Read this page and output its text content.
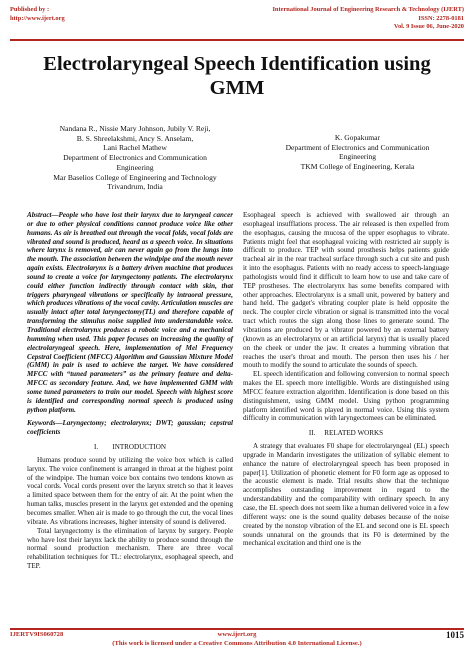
Published by :
http://www.ijert.org
International Journal of Engineering Research & Technology (IJERT)
ISSN: 2278-0181
Vol. 9 Issue 06, June-2020
Electrolaryngeal Speech Identification using
GMM
Nandana R., Nissie Mary Johnson, Jubily V. Reji,
B. S. Shreelakshmi, Ancy S. Anselam,
Lani Rachel Mathew
Department of Electronics and Communication
Engineering
Mar Baselios College of Engineering and Technology
Trivandrum, India
K. Gopakumar
Department of Electronics and Communication
Engineering
TKM College of Engineering, Kerala

Abstract—People who have lost their larynx due to laryngeal cancer or due to other physical conditions cannot produce voice like other humans. As air is breathed out through the vocal folds, vocal folds are vibrated and sound is produced, heard as a speech voice. In situations where larynx is removed, air can never again go from the lungs into the mouth. The association between the windpipe and the mouth never again exists. Electrolarynx is a battery driven machine that produces sound to create a voice for laryngectomy patients. The electrolarynx could either function indirectly through contact with skin, that triggers pharyngeal vibrations or specifically by intraoral pressure, which produces vibrations of the vocal cavity. Articulation muscles are usually intact after total laryngectomy(TL) and therefore capable of transforming the stimulus noise supplied into understandable voice. Traditional electrolarynx produces a robotic voice and a mechanical humming when used. This paper focuses on increasing the quality of electrolaryngeal speech. Here, implementation of Mel Frequency Cepstral Coefficient (MFCC) Algorithm and Gaussian Mixture Model (GMM) in pair is used to achieve the target. We have considered MFCC with “tuned parameters” as the primary feature and delta-MFCC as secondary feature. And, we have implemented GMM with some tuned parameters to train our model. Speech with highest score is identified and corresponding normal speech is produced using python platform.

Keywords—Laryngectomy; electrolarynx; DWT; gaussian; cepstral coefficients

I.        INTRODUCTION

Humans produce sound by utilizing the voice box which is called larynx. The voice confinement is arranged in throat at the highest point of the windpipe. The human voice box contains two tendons known as vocal cords. Vocal cords present over the larynx stretch so that it leaves a limited space between them for the entry of air. At the point when the human talks, muscles present in the larynx get extended and the opening becomes smaller. When air is made to go through the cut, the vocal lines vibrate. As vibrations increases, higher intensity of sound is delivered.

Total laryngectomy is the elimination of larynx by surgery. People who have lost their larynx lack the ability to produce sound through the normal sound production mechanism. There are three vocal rehabilitation techniques for TL: electrolarynx, esophageal speech, and TEP.

Esophageal speech is achieved with swallowed air through an esophageal insufflations process. The air released is then expelled from the esophagus, causing the mucosa of the upper esophagus to vibrate. Patients might feel that esophageal voicing with restricted air supply is difficult to produce. TEP with sound prosthesis helps patients guide tracheal air in the rear tracheal surface through such a cut site and push it into the esophagus. Patients with no ready access to speech-language pathologists would find it difficult to learn how to use and take care of TEP prostheses. The electrolarynx has some benefits compared with other approaches. Electrolarynx is a small unit, powered by battery and hand held. The gadget's vibrating coupler plate is held opposite the neck. The coupler circle vibration or signal is transmitted into the vocal tract which routes the sign along those lines to generate sound. The vibrations are produced by a vibrator powered by an external battery (known as an electrolarynx or an artificial larynx) that is usually placed on the cheek or under the jaw. It creates a humming vibration that reaches the user's throat and mouth. The person then uses his / her mouth to modify the sound to articulate the sounds of speech.

EL speech identification and following conversion to normal speech makes the EL speech more intelligible. Words are distinguished using MFCC feature extraction algorithm. Identification is done based on this distinguishment, using GMM model. Using python programming platform identified word is played in normal voice. Using this system difficulty in communication with laryngectomees can be eliminated.

II.     RELATED WORKS

A strategy that evaluates F0 shape for electrolaryngeal (EL) speech upgrade in Mandarin investigates the utilization of syllabic element to enhance the nature of electrolaryngeal speech has been proposed in paper[1]. Utilization of phonetic element for F0 form age as opposed to the acoustic element is made. Trial results show that the technique accomplishes outstanding improvement in regard to the understandability and the comparability with ordinary speech. In any case, the EL speech does not seem like a human delivered voice in a few different ways: one is the sound quality debases because of the noise created by the nonstop vibration of the EL and second one is EL speech sounds unnatural on the grounds that its F0 is determined by the mechanical excitation and third one is the

IJERTV9IS060728	www.ijert.org	1015
(This work is licensed under a Creative Commons Attribution 4.0 International License.)
